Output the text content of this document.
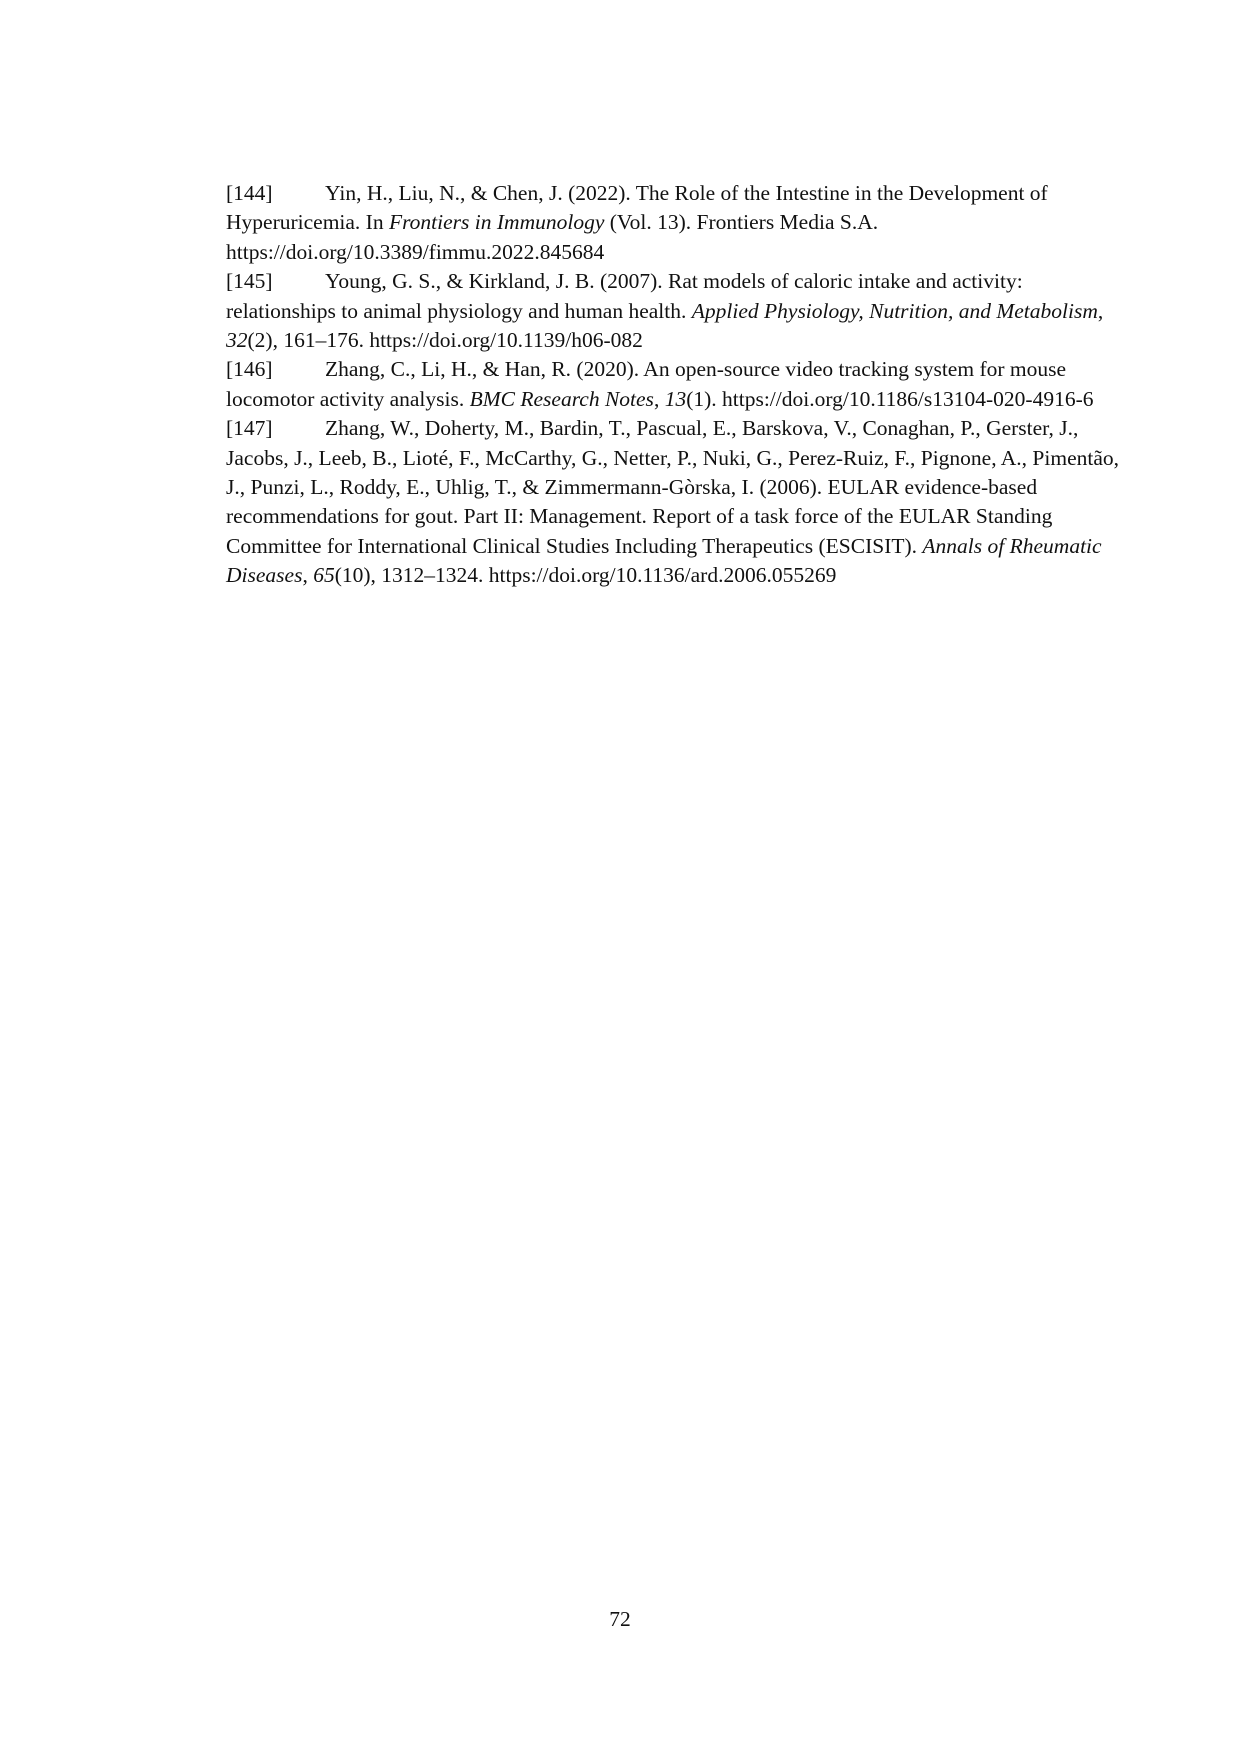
[144] Yin, H., Liu, N., & Chen, J. (2022). The Role of the Intestine in the Development of Hyperuricemia. In Frontiers in Immunology (Vol. 13). Frontiers Media S.A. https://doi.org/10.3389/fimmu.2022.845684

[145] Young, G. S., & Kirkland, J. B. (2007). Rat models of caloric intake and activity: relationships to animal physiology and human health. Applied Physiology, Nutrition, and Metabolism, 32(2), 161–176. https://doi.org/10.1139/h06-082

[146] Zhang, C., Li, H., & Han, R. (2020). An open-source video tracking system for mouse locomotor activity analysis. BMC Research Notes, 13(1). https://doi.org/10.1186/s13104-020-4916-6

[147] Zhang, W., Doherty, M., Bardin, T., Pascual, E., Barskova, V., Conaghan, P., Gerster, J., Jacobs, J., Leeb, B., Lioté, F., McCarthy, G., Netter, P., Nuki, G., Perez-Ruiz, F., Pignone, A., Pimentão, J., Punzi, L., Roddy, E., Uhlig, T., & Zimmermann-Gòrska, I. (2006). EULAR evidence-based recommendations for gout. Part II: Management. Report of a task force of the EULAR Standing Committee for International Clinical Studies Including Therapeutics (ESCISIT). Annals of Rheumatic Diseases, 65(10), 1312–1324. https://doi.org/10.1136/ard.2006.055269

72
